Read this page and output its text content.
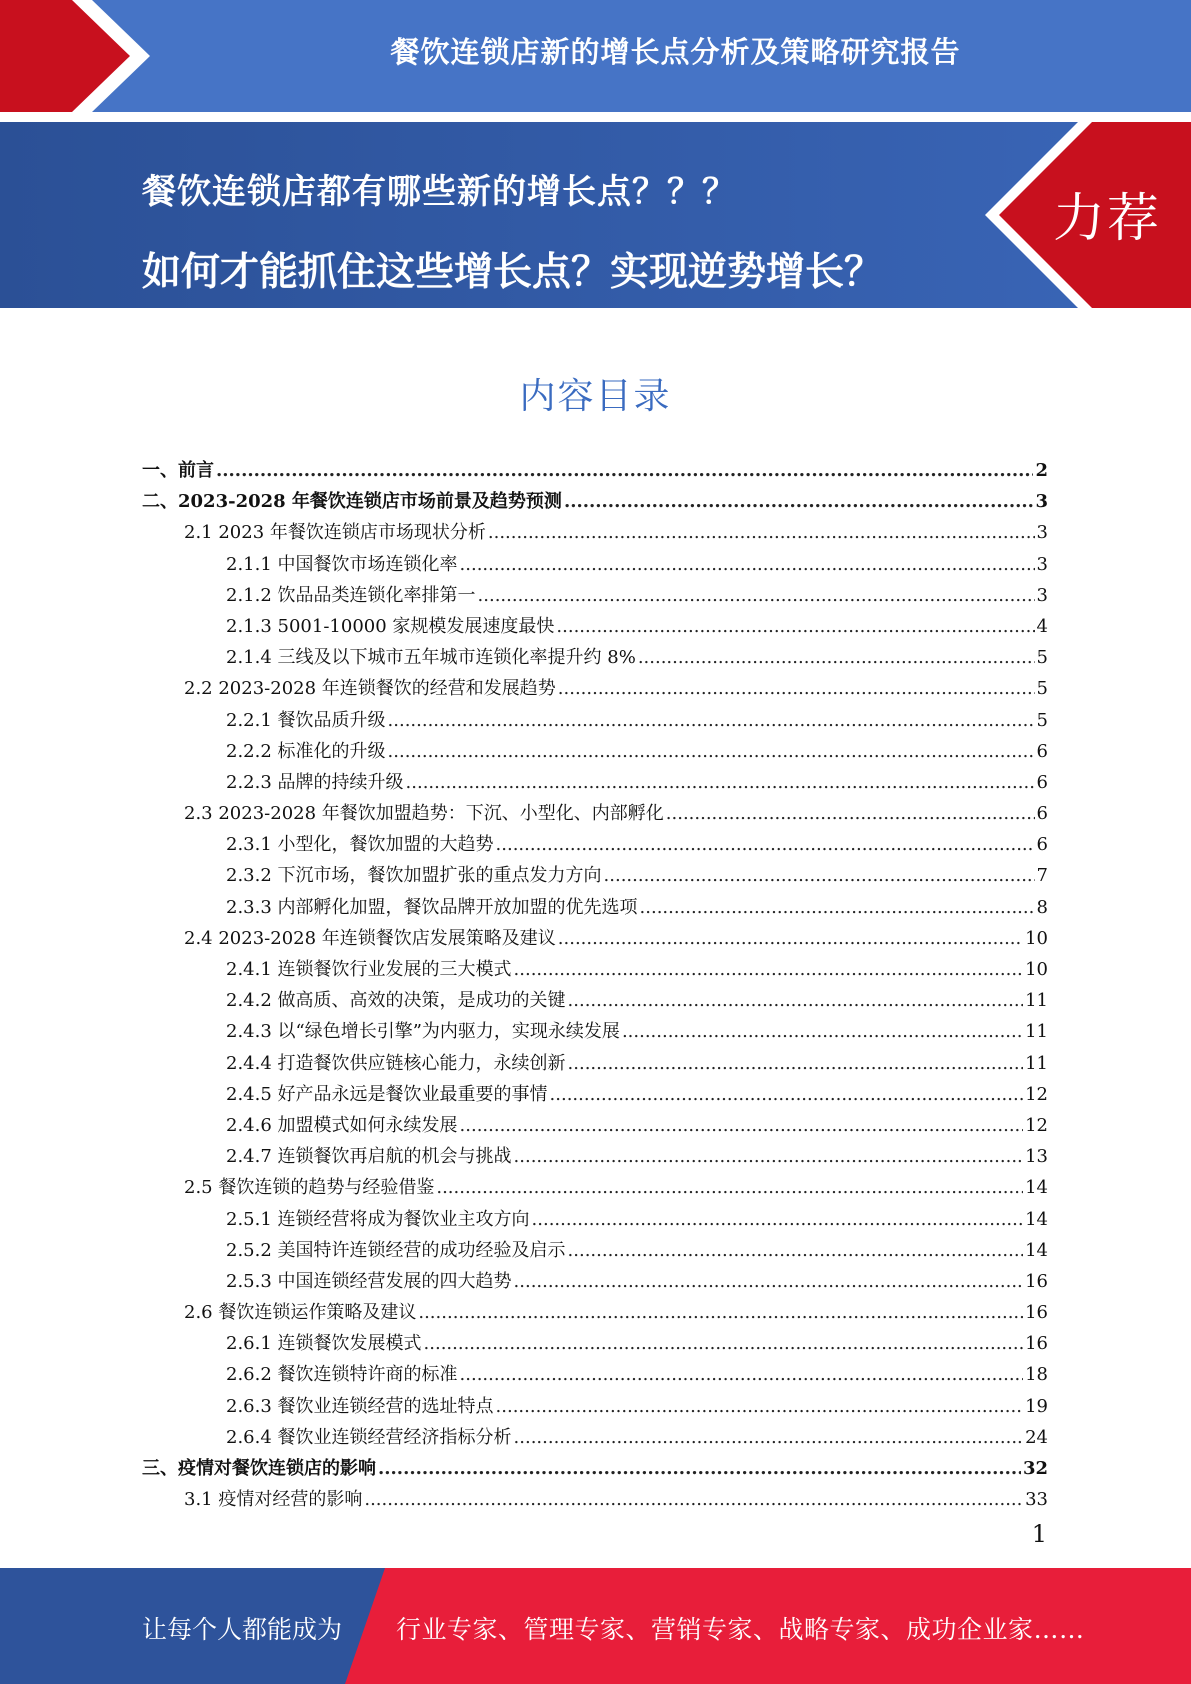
餐饮连锁店新的增长点分析及策略研究报告
餐饮连锁店都有哪些新的增长点？？？
如何才能抓住这些增长点？实现逆势增长？
力荐
内容目录
一、前言 .....	2
二、2023-2028 年餐饮连锁店市场前景及趋势预测 .....	3
2.1 2023 年餐饮连锁店市场现状分析 .....	3
2.1.1 中国餐饮市场连锁化率 .....	3
2.1.2 饮品品类连锁化率排第一 .....	3
2.1.3 5001-10000 家规模发展速度最快 .....	4
2.1.4 三线及以下城市五年城市连锁化率提升约 8% .....	5
2.2 2023-2028 年连锁餐饮的经营和发展趋势 .....	5
2.2.1 餐饮品质升级 .....	5
2.2.2 标准化的升级 .....	6
2.2.3 品牌的持续升级 .....	6
2.3 2023-2028 年餐饮加盟趋势：下沉、小型化、内部孵化 .....	6
2.3.1 小型化，餐饮加盟的大趋势 .....	6
2.3.2 下沉市场，餐饮加盟扩张的重点发力方向 .....	7
2.3.3 内部孵化加盟，餐饮品牌开放加盟的优先选项 .....	8
2.4 2023-2028 年连锁餐饮店发展策略及建议 .....	10
2.4.1 连锁餐饮行业发展的三大模式 .....	10
2.4.2 做高质、高效的决策，是成功的关键 .....	11
2.4.3 以“绿色增长引擎”为内驱力，实现永续发展 .....	11
2.4.4 打造餐饮供应链核心能力，永续创新 .....	11
2.4.5 好产品永远是餐饮业最重要的事情 .....	12
2.4.6 加盟模式如何永续发展 .....	12
2.4.7 连锁餐饮再启航的机会与挑战 .....	13
2.5 餐饮连锁的趋势与经验借鉴 .....	14
2.5.1 连锁经营将成为餐饮业主攻方向 .....	14
2.5.2 美国特许连锁经营的成功经验及启示 .....	14
2.5.3 中国连锁经营发展的四大趋势 .....	16
2.6 餐饮连锁运作策略及建议 .....	16
2.6.1 连锁餐饮发展模式 .....	16
2.6.2 餐饮连锁特许商的标准 .....	18
2.6.3 餐饮业连锁经营的选址特点 .....	19
2.6.4 餐饮业连锁经营经济指标分析 .....	24
三、疫情对餐饮连锁店的影响 .....	32
3.1 疫情对经营的影响 .....	33
1
让每个人都能成为 行业专家、管理专家、营销专家、战略专家、成功企业家……
